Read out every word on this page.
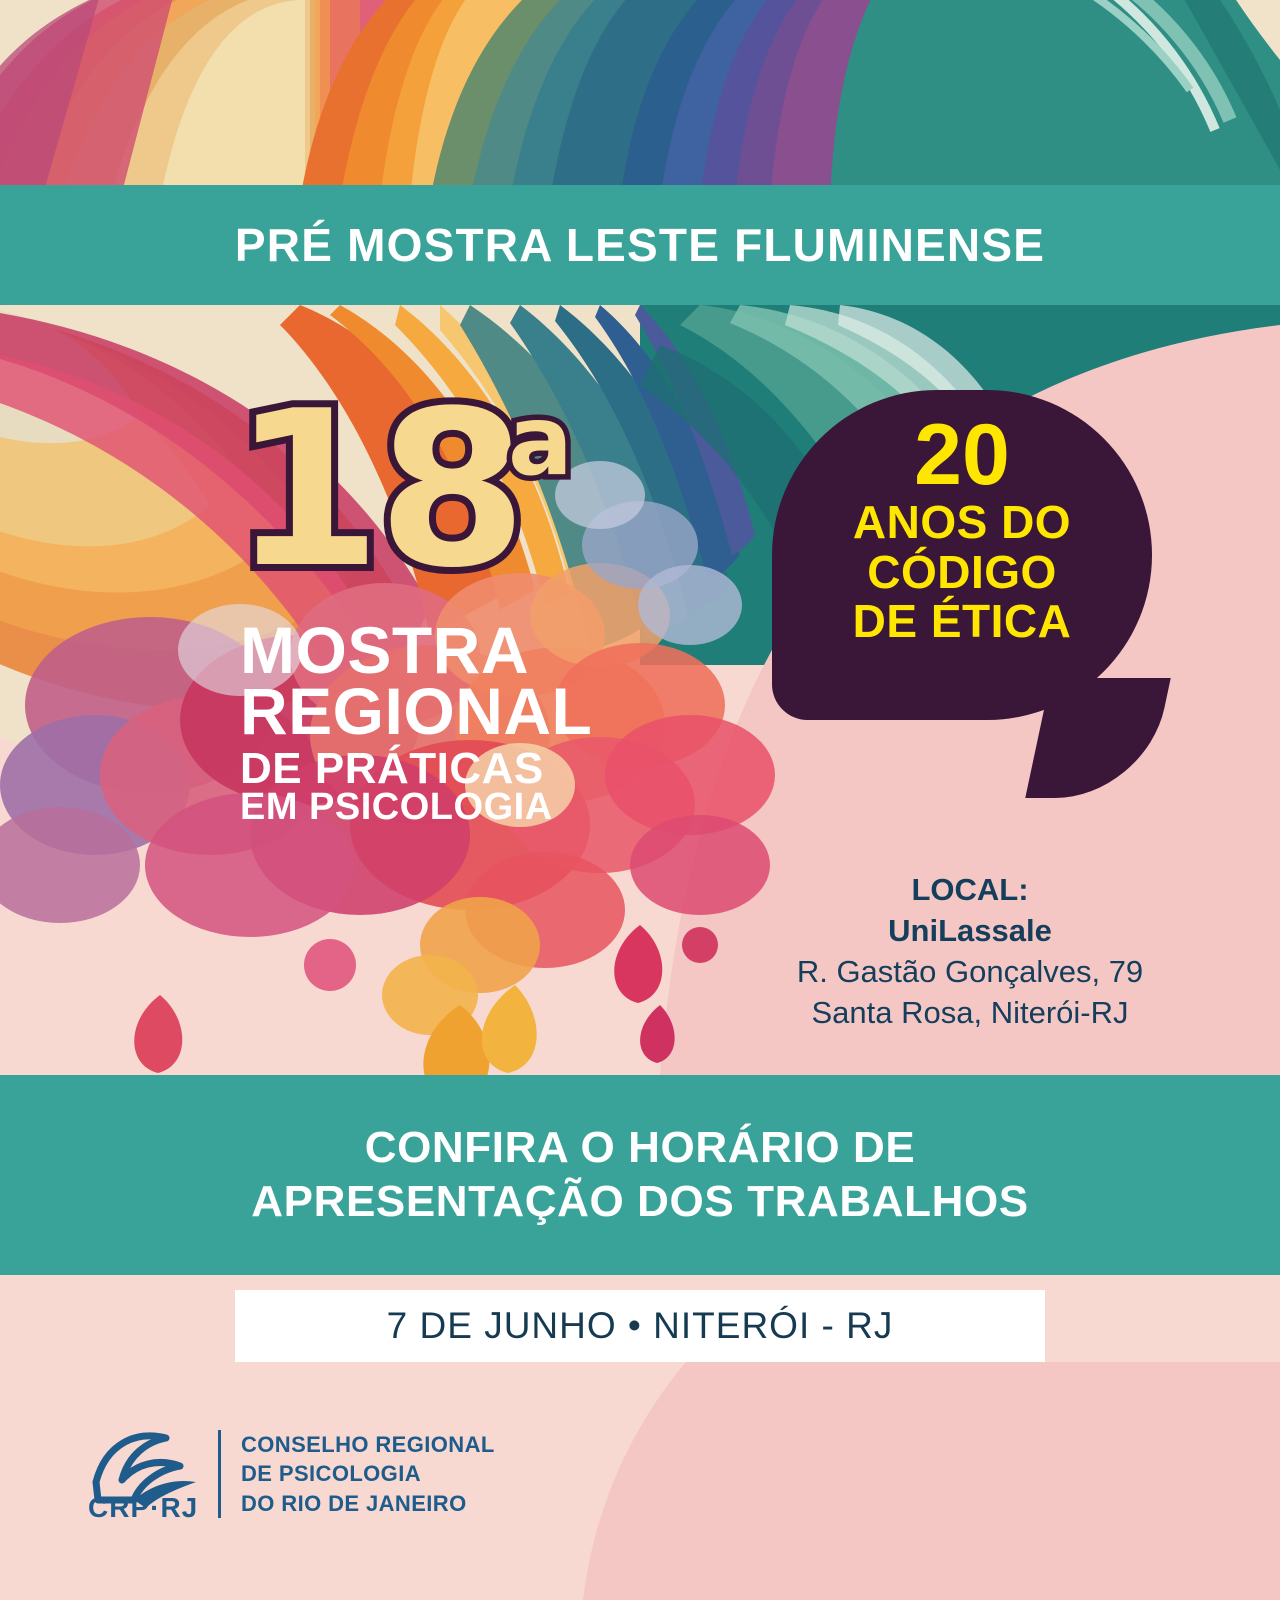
PRÉ MOSTRA LESTE FLUMINENSE
18
a
MOSTRA
REGIONAL
DE PRÁTICAS
EM PSICOLOGIA
20
ANOS DO
CÓDIGO
DE ÉTICA
LOCAL:
UniLassale
R. Gastão Gonçalves, 79
Santa Rosa, Niterói-RJ
CONFIRA O HORÁRIO DE
APRESENTAÇÃO DOS TRABALHOS
7 DE JUNHO • NITERÓI - RJ
CRP·RJ
CONSELHO REGIONAL
DE PSICOLOGIA
DO RIO DE JANEIRO
